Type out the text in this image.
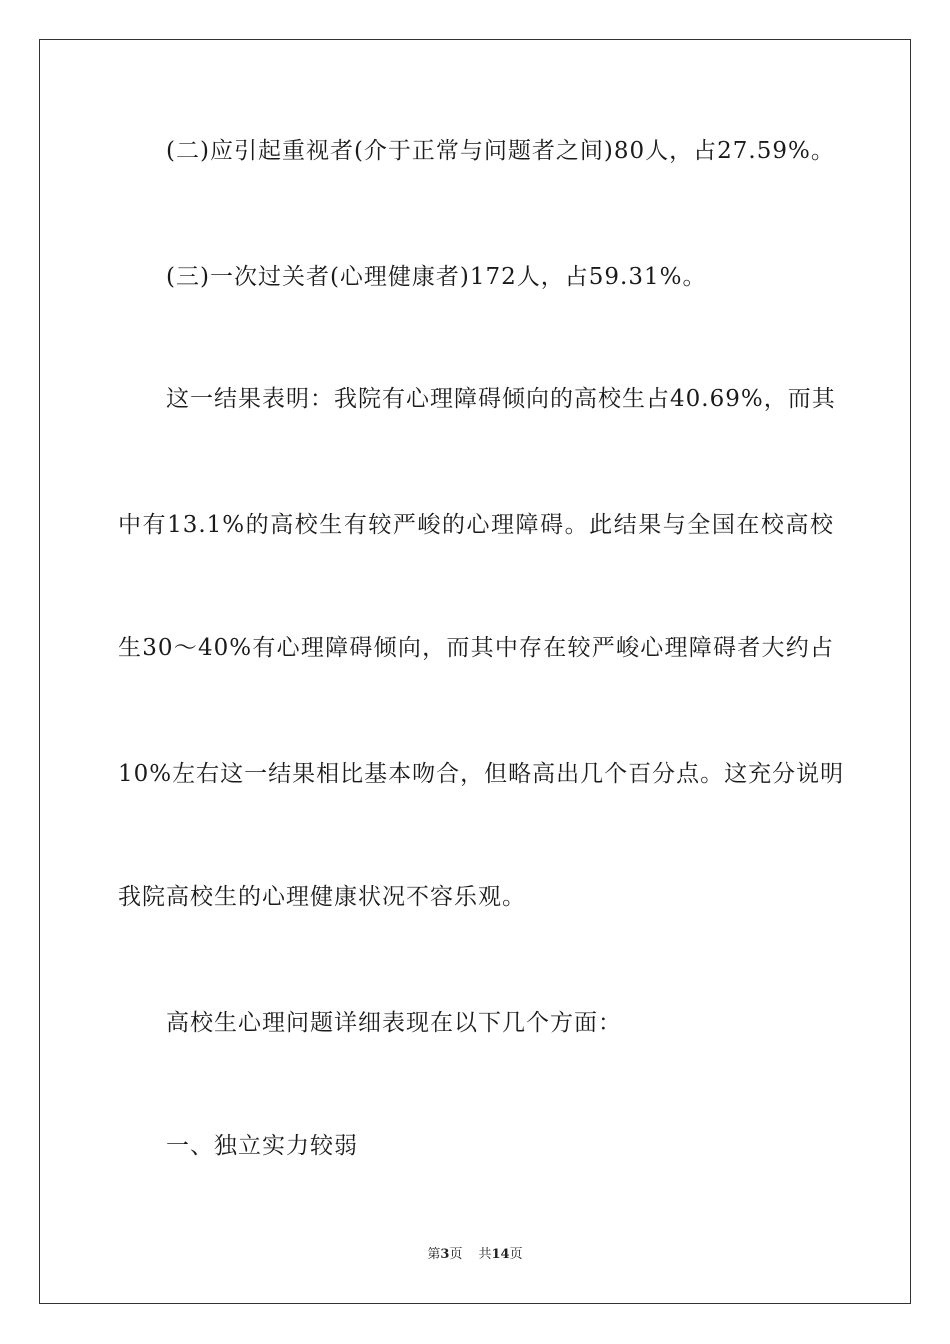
(二)应引起重视者(介于正常与问题者之间)80人，占27.59%。
(三)一次过关者(心理健康者)172人，占59.31%。
这一结果表明：我院有心理障碍倾向的高校生占40.69%，而其
中有13.1%的高校生有较严峻的心理障碍。此结果与全国在校高校
生30～40%有心理障碍倾向，而其中存在较严峻心理障碍者大约占
10%左右这一结果相比基本吻合，但略高出几个百分点。这充分说明
我院高校生的心理健康状况不容乐观。
高校生心理问题详细表现在以下几个方面：
一、独立实力较弱
第3页 共14页
